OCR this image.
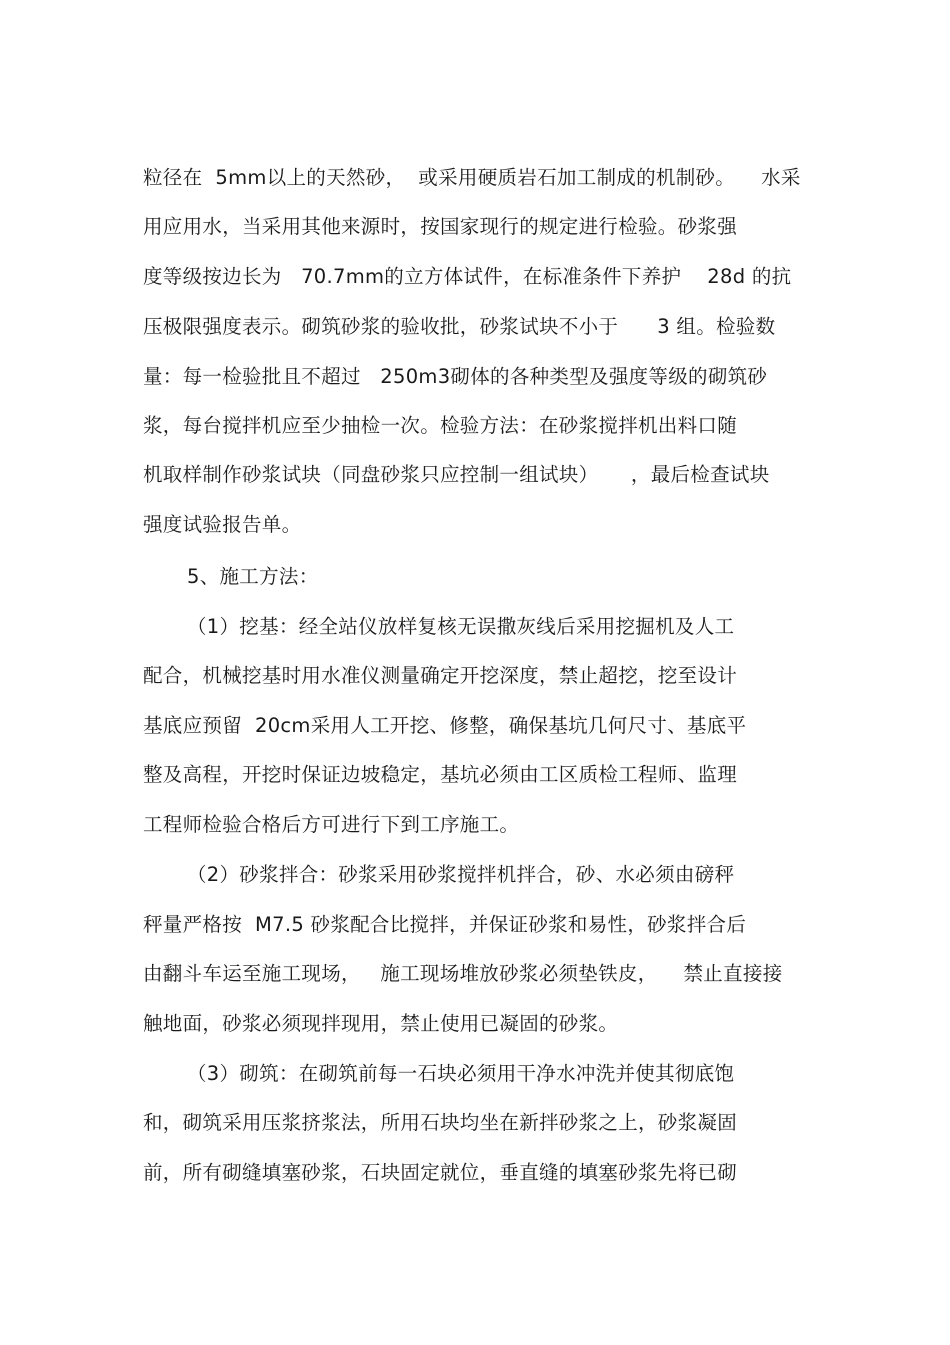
粒径在  5mm以上的天然砂，  或采用硬质岩石加工制成的机制砂。    水采
用应用水，当采用其他来源时，按国家现行的规定进行检验。砂浆强
度等级按边长为   70.7mm的立方体试件，在标准条件下养护    28d 的抗
压极限强度表示。砌筑砂浆的验收批，砂浆试块不小于      3 组。检验数
量：每一检验批且不超过   250m3砌体的各种类型及强度等级的砌筑砂
浆，每台搅拌机应至少抽检一次。检验方法：在砂浆搅拌机出料口随
机取样制作砂浆试块（同盘砂浆只应控制一组试块）     ，最后检查试块
强度试验报告单。
5、施工方法：
（1）挖基：经全站仪放样复核无误撒灰线后采用挖掘机及人工
配合，机械挖基时用水准仪测量确定开挖深度，禁止超挖，挖至设计
基底应预留  20cm采用人工开挖、修整，确保基坑几何尺寸、基底平
整及高程，开挖时保证边坡稳定，基坑必须由工区质检工程师、监理
工程师检验合格后方可进行下到工序施工。
（2）砂浆拌合：砂浆采用砂浆搅拌机拌合，砂、水必须由磅秤
秤量严格按  M7.5 砂浆配合比搅拌，并保证砂浆和易性，砂浆拌合后
由翻斗车运至施工现场，   施工现场堆放砂浆必须垫铁皮，    禁止直接接
触地面，砂浆必须现拌现用，禁止使用已凝固的砂浆。
（3）砌筑：在砌筑前每一石块必须用干净水冲洗并使其彻底饱
和，砌筑采用压浆挤浆法，所用石块均坐在新拌砂浆之上，砂浆凝固
前，所有砌缝填塞砂浆，石块固定就位，垂直缝的填塞砂浆先将已砌
